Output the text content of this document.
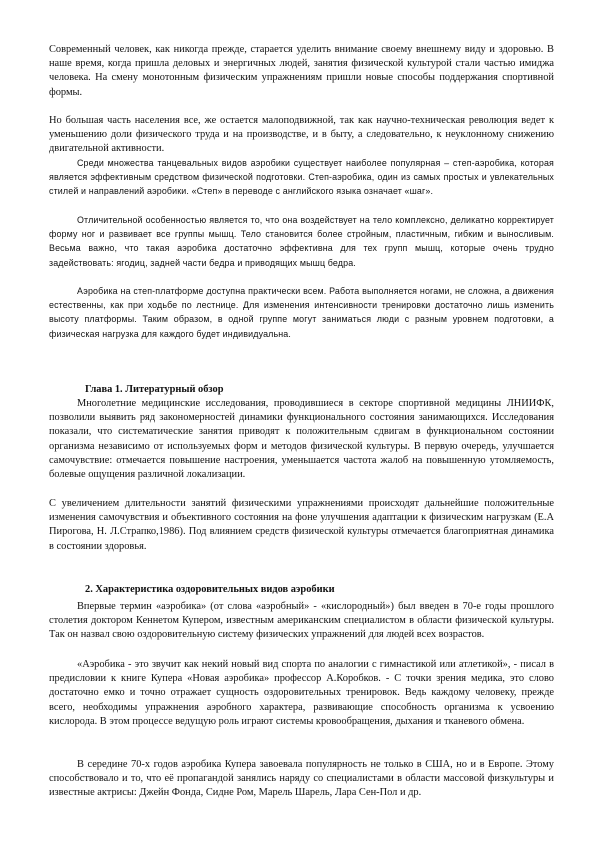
Современный человек, как никогда прежде, старается уделить внимание своему внешнему виду и здоровью. В наше время, когда пришла деловых и энергичных людей, занятия физической культурой стали частью имиджа человека. На смену монотонным физическим упражнениям пришли новые способы поддержания спортивной формы.

Но большая часть населения все, же остается малоподвижной, так как научно-техническая революция ведет к уменьшению доли физического труда и на производстве, и в быту, а следовательно, к неуклонному снижению двигательной активности.

Среди множества танцевальных видов аэробики существует наиболее популярная – степ-аэробика, которая является эффективным средством физической подготовки. Степ-аэробика, один из самых простых и увлекательных стилей и направлений аэробики. «Степ» в переводе с английского языка означает «шаг».

Отличительной особенностью является то, что она воздействует на тело комплексно, деликатно корректирует форму ног и развивает все группы мышц. Тело становится более стройным, пластичным, гибким и выносливым. Весьма важно, что такая аэробика достаточно эффективна для тех групп мышц, которые очень трудно задействовать: ягодиц, задней части бедра и приводящих мышц бедра.

Аэробика на степ-платформе доступна практически всем. Работа выполняется ногами, не сложна, а движения естественны, как при ходьбе по лестнице. Для изменения интенсивности тренировки достаточно лишь изменить высоту платформы. Таким образом, в одной группе могут заниматься люди с разным уровнем подготовки, а физическая нагрузка для каждого будет индивидуальна.

Глава 1. Литературный обзор

Многолетние медицинские исследования, проводившиеся в секторе спортивной медицины ЛНИИФК, позволили выявить ряд закономерностей динамики функционального состояния занимающихся. Исследования показали, что систематические занятия приводят к положительным сдвигам в функциональном состоянии организма независимо от используемых форм и методов физической культуры. В первую очередь, улучшается самочувствие: отмечается повышение настроения, уменьшается частота жалоб на повышенную утомляемость, болевые ощущения различной локализации.

С увеличением длительности занятий физическими упражнениями происходят дальнейшие положительные изменения самочувствия и объективного состояния на фоне улучшения адаптации к физическим нагрузкам (Е.А Пирогова, Н. Л.Страпко,1986). Под влиянием средств физической культуры отмечается благоприятная динамика в состоянии здоровья.

2. Характеристика оздоровительных видов аэробики

Впервые термин «аэробика» (от слова «аэробный» - «кислородный») был введен в 70-е годы прошлого столетия доктором Кеннетом Купером, известным американским специалистом в области физической культуры. Так он назвал свою оздоровительную систему физических упражнений для людей всех возрастов.

«Аэробика - это звучит как некий новый вид спорта по аналогии с гимнастикой или атлетикой», - писал в предисловии к книге Купера «Новая аэробика» профессор А.Коробков. - С точки зрения медика, это слово достаточно емко и точно отражает сущность оздоровительных тренировок. Ведь каждому человеку, прежде всего, необходимы упражнения аэробного характера, развивающие способность организма к усвоению кислорода. В этом процессе ведущую роль играют системы кровообращения, дыхания и тканевого обмена.

В середине 70-х годов аэробика Купера завоевала популярность не только в США, но и в Европе. Этому способствовало и то, что её пропагандой занялись наряду со специалистами в области массовой физкультуры и известные актрисы: Джейн Фонда, Сидне Ром, Марель Шарель, Лара Сен-Пол и др.
